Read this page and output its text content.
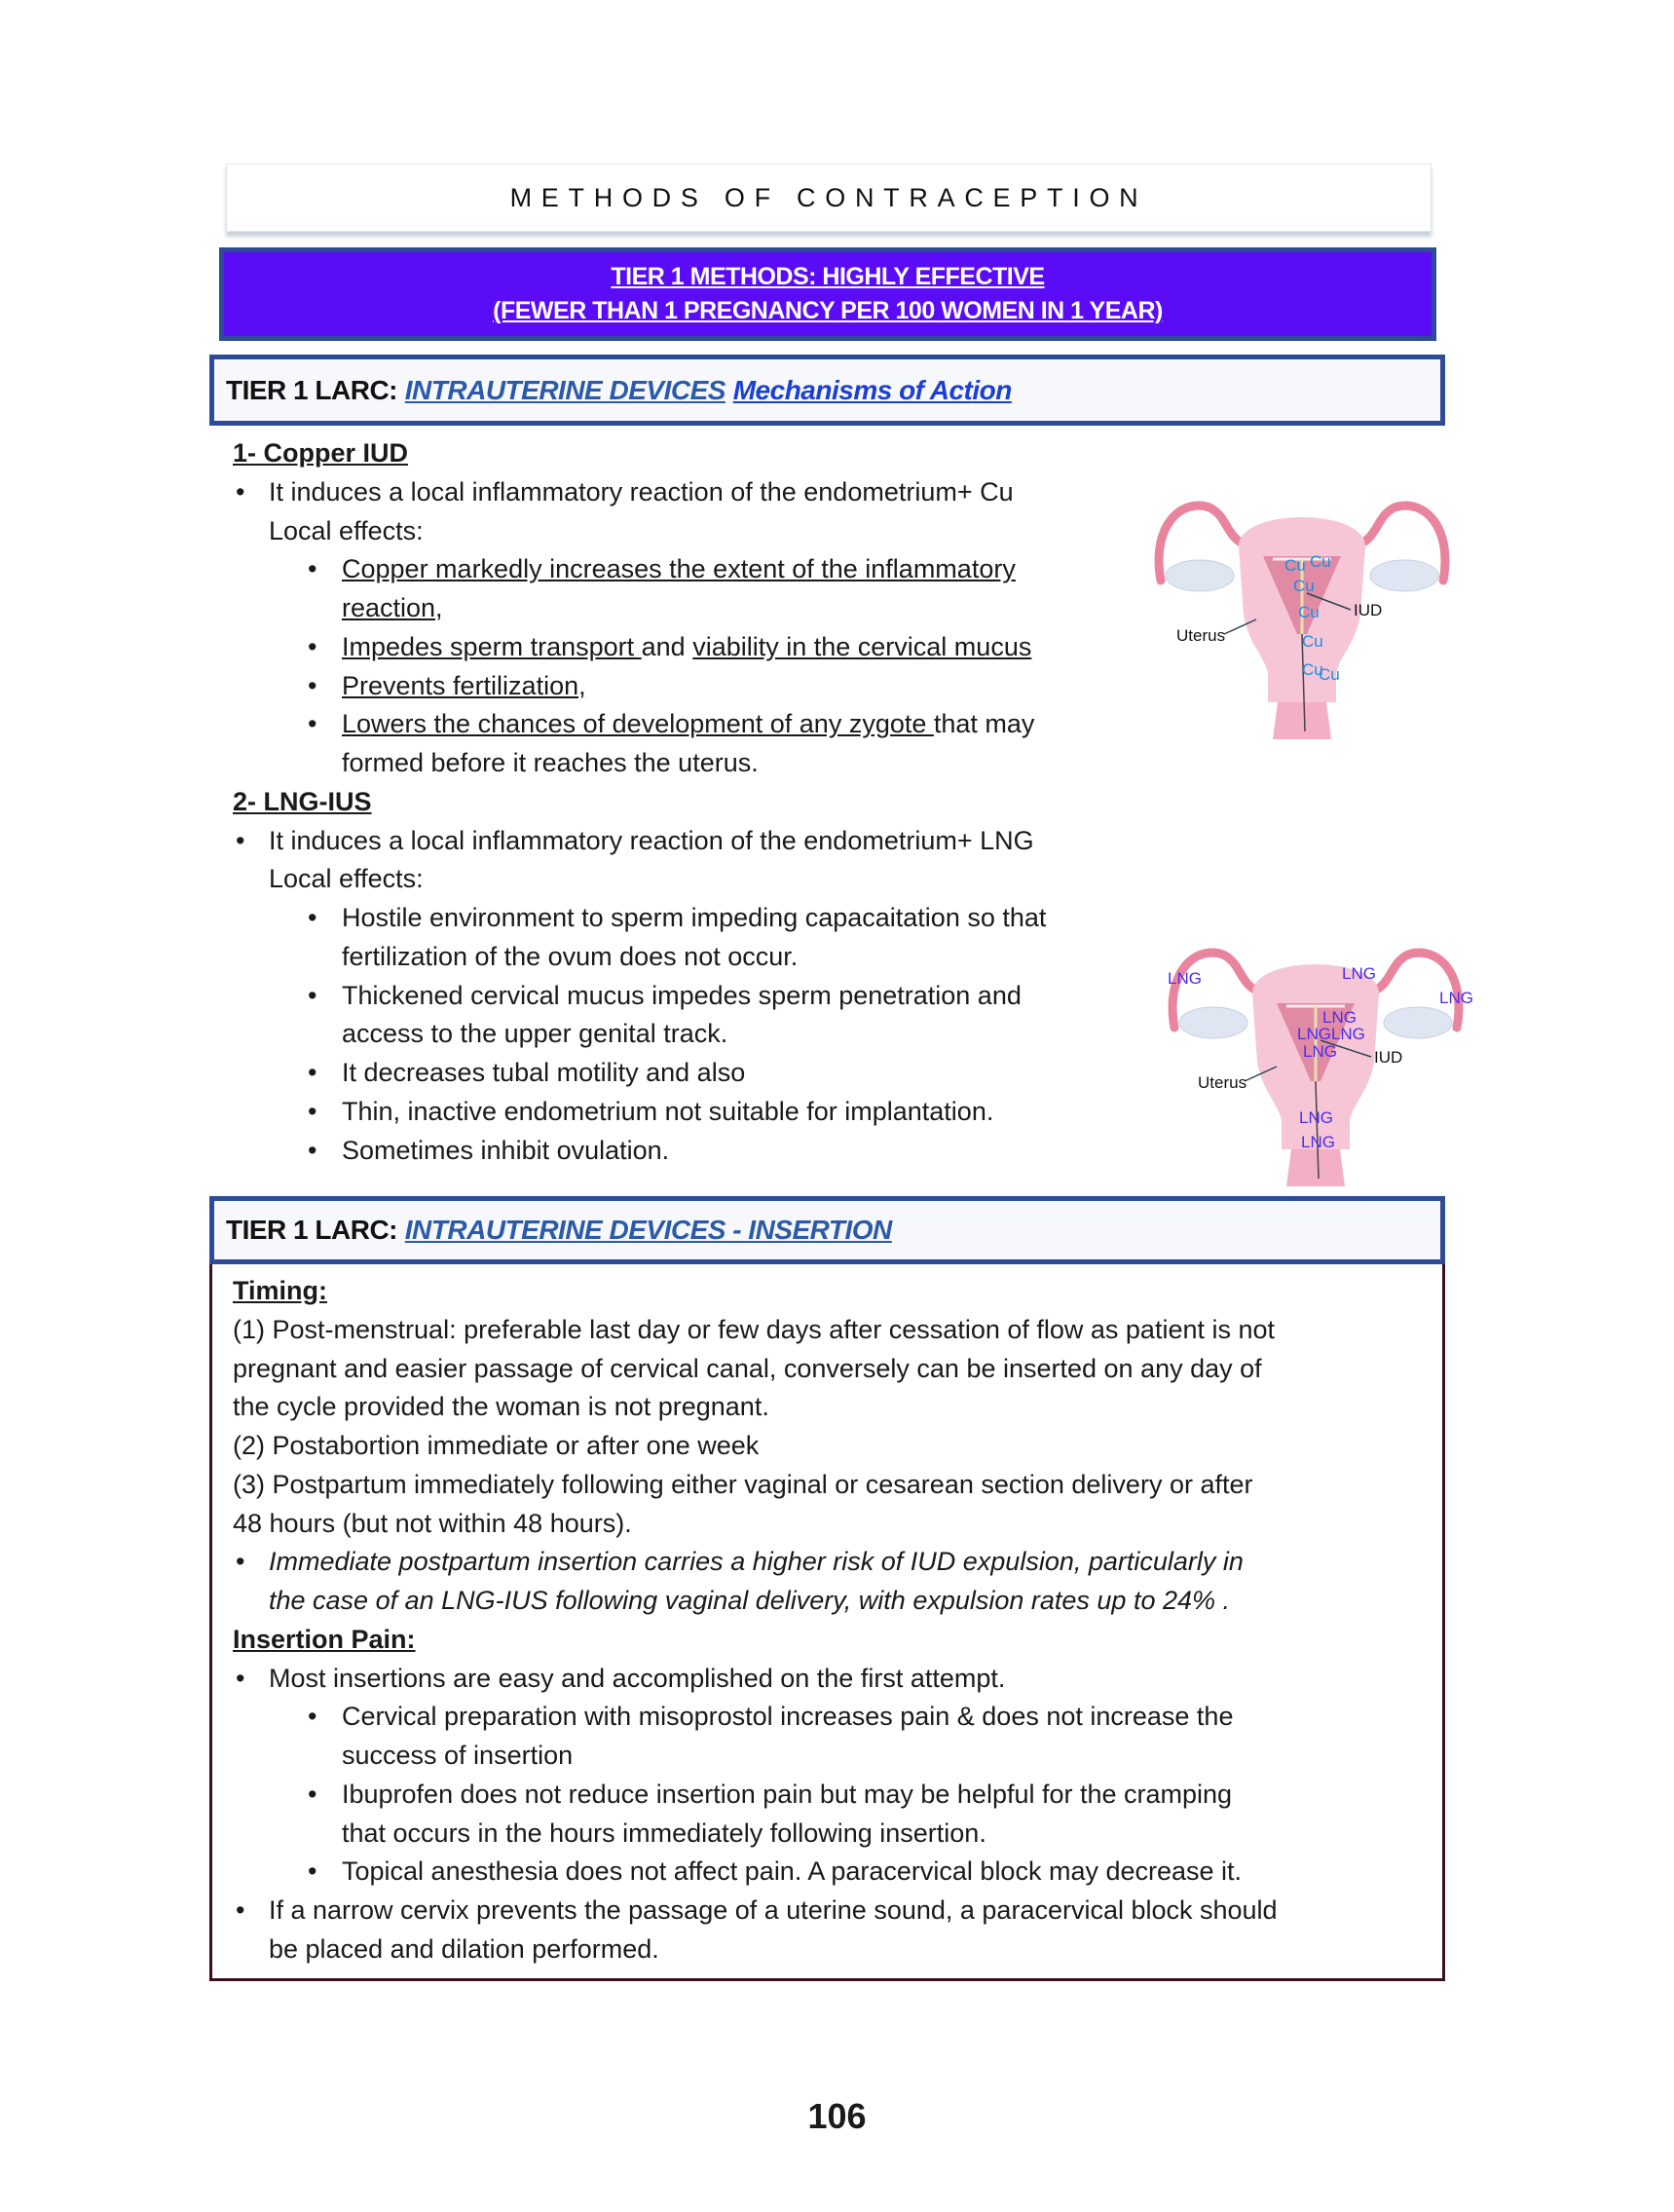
METHODS OF CONTRACEPTION
TIER 1 METHODS: HIGHLY EFFECTIVE
(FEWER THAN 1 PREGNANCY PER 100 WOMEN IN 1 YEAR)
TIER 1 LARC:
INTRAUTERINE DEVICES
Mechanisms of Action
1- Copper IUD
• It induces a local inflammatory reaction of the endometrium+ Cu
Local effects:
• Copper markedly increases the extent of the inflammatory
reaction,
• Impedes sperm transport and viability in the cervical mucus
• Prevents fertilization,
• Lowers the chances of development of any zygote that may
formed before it reaches the uterus.
2- LNG-IUS
• It induces a local inflammatory reaction of the endometrium+ LNG
Local effects:
• Hostile environment to sperm impeding capacaitation so that
fertilization of the ovum does not occur.
• Thickened cervical mucus impedes sperm penetration and
access to the upper genital track.
• It decreases tubal motility and also
• Thin, inactive endometrium not suitable for implantation.
• Sometimes inhibit ovulation.
Uterus
IUD
Cu Cu
Cu
Cu
Cu
Cu
Cu
Uterus
IUD
LNG	LNG
LNG
LNG
LNGLNG
LNG
LNG
LNG
TIER 1 LARC:
INTRAUTERINE DEVICES - INSERTION
Timing:
(1) Post-menstrual: preferable last day or few days after cessation of flow as patient is not
pregnant and easier passage of cervical canal, conversely can be inserted on any day of
the cycle provided the woman is not pregnant.
(2) Postabortion immediate or after one week
(3) Postpartum immediately following either vaginal or cesarean section delivery or after
48 hours (but not within 48 hours).
• Immediate postpartum insertion carries a higher risk of IUD expulsion, particularly in
the case of an LNG-IUS following vaginal delivery, with expulsion rates up to 24% .
Insertion Pain:
• Most insertions are easy and accomplished on the first attempt.
• Cervical preparation with misoprostol increases pain & does not increase the
success of insertion
• Ibuprofen does not reduce insertion pain but may be helpful for the cramping
that occurs in the hours immediately following insertion.
• Topical anesthesia does not affect pain. A paracervical block may decrease it.
• If a narrow cervix prevents the passage of a uterine sound, a paracervical block should
be placed and dilation performed.
106
